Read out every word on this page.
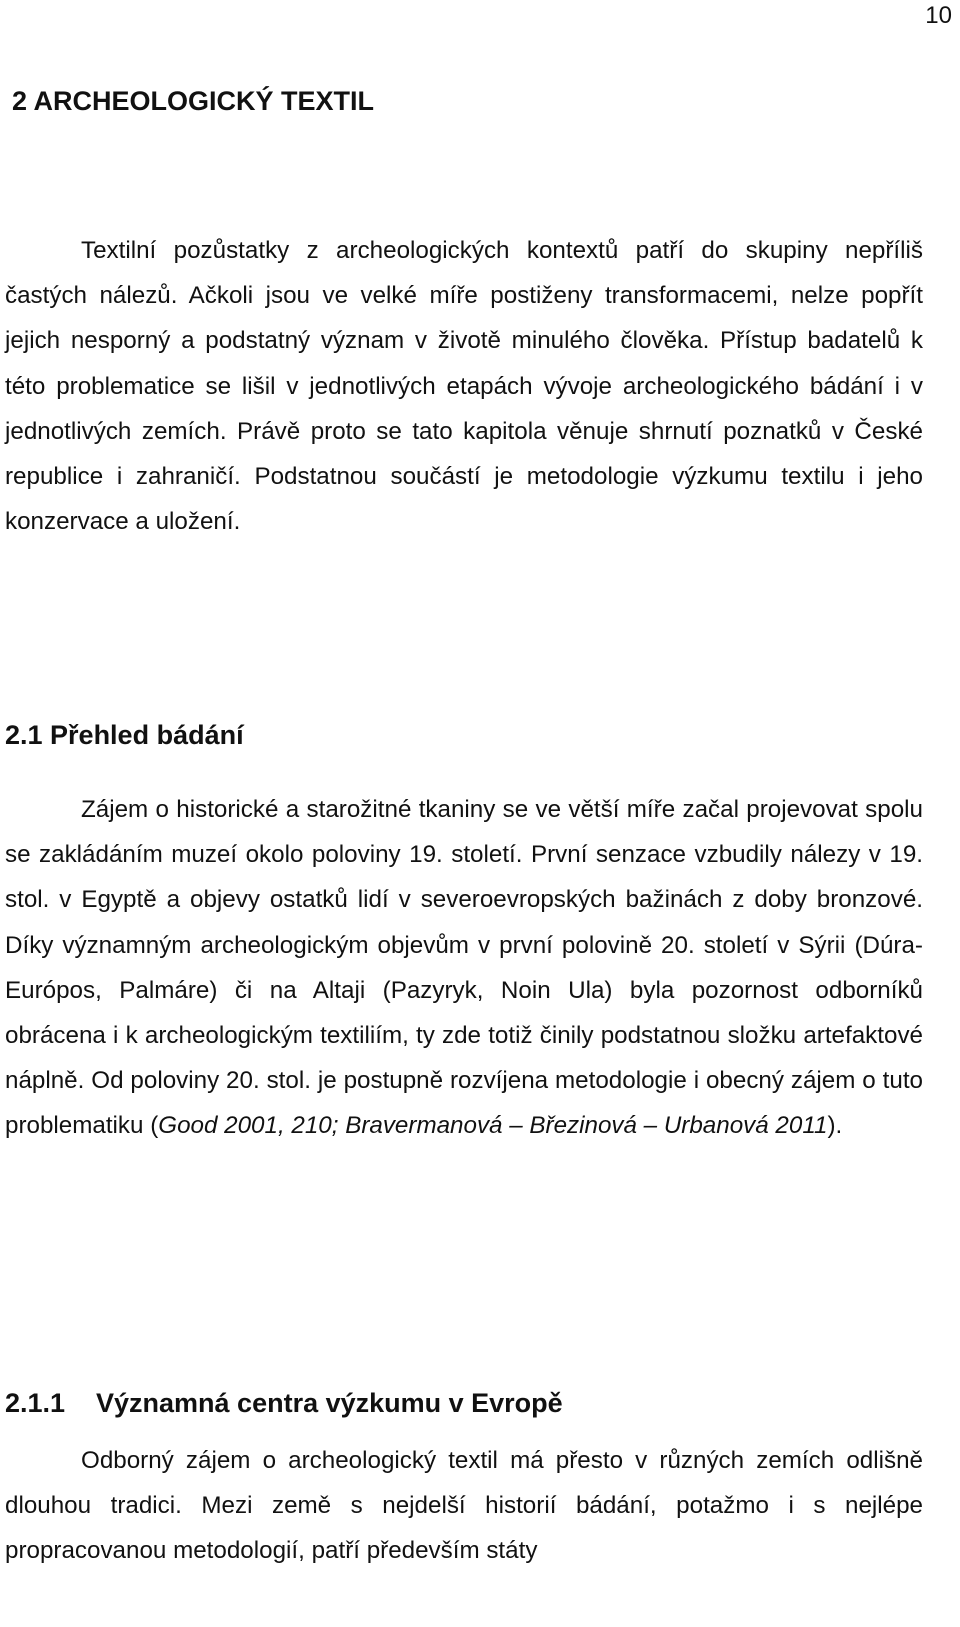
10
2 ARCHEOLOGICKÝ TEXTIL

Textilní pozůstatky z archeologických kontextů patří do skupiny nepříliš častých nálezů. Ačkoli jsou ve velké míře postiženy transformacemi, nelze popřít jejich nesporný a podstatný význam v životě minulého člověka. Přístup badatelů k této problematice se lišil v jednotlivých etapách vývoje archeologického bádání i v jednotlivých zemích. Právě proto se tato kapitola věnuje shrnutí poznatků v České republice i zahraničí. Podstatnou součástí je metodologie výzkumu textilu i jeho konzervace a uložení.

2.1 Přehled bádání

Zájem o historické a starožitné tkaniny se ve větší míře začal projevovat spolu se zakládáním muzeí okolo poloviny 19. století. První senzace vzbudily nálezy v 19. stol. v Egyptě a objevy ostatků lidí v severoevropských bažinách z doby bronzové. Díky významným archeologickým objevům v první polovině 20. století v Sýrii (Dúra-Európos, Palmáre) či na Altaji (Pazyryk, Noin Ula) byla pozornost odborníků obrácena i k archeologickým textiliím, ty zde totiž činily podstatnou složku artefaktové náplně. Od poloviny 20. stol. je postupně rozvíjena metodologie i obecný zájem o tuto problematiku (Good 2001, 210; Bravermanová – Březinová – Urbanová 2011).

2.1.1 Významná centra výzkumu v Evropě

Odborný zájem o archeologický textil má přesto v různých zemích odlišně dlouhou tradici. Mezi země s nejdelší historií bádání, potažmo i s nejlépe propracovanou metodologií, patří především státy
